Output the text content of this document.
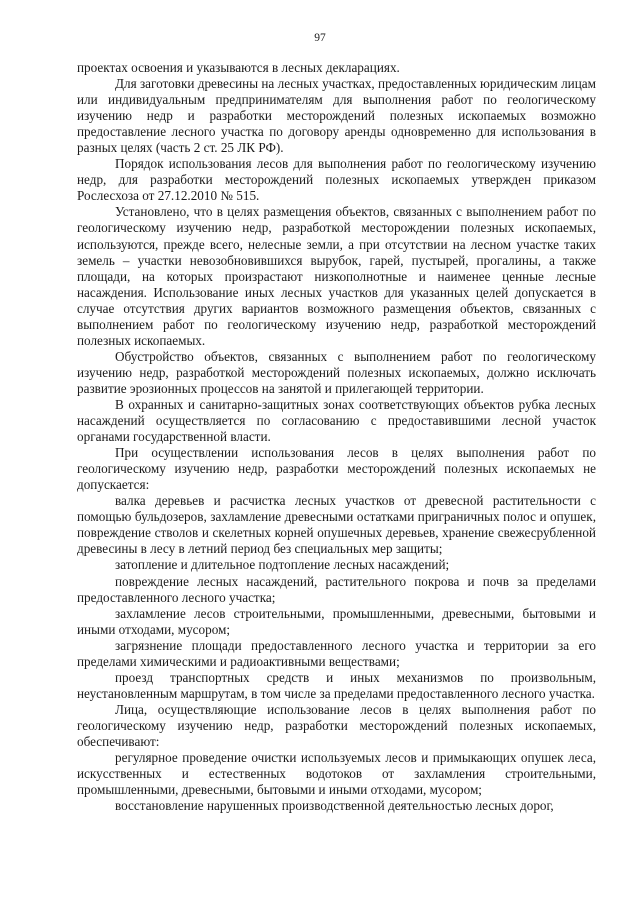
97

проектах освоения и указываются в лесных декларациях.

Для заготовки древесины на лесных участках, предоставленных юридическим лицам или индивидуальным предпринимателям для выполнения работ по геологическому изучению недр и разработки месторождений полезных ископаемых возможно предоставление лесного участка по договору аренды одновременно для использования в разных целях (часть 2 ст. 25 ЛК РФ).

Порядок использования лесов для выполнения работ по геологическому изучению недр, для разработки месторождений полезных ископаемых утвержден приказом Рослесхоза от 27.12.2010 № 515.

Установлено, что в целях размещения объектов, связанных с выполнением работ по геологическому изучению недр, разработкой месторождении полезных ископаемых, используются, прежде всего, нелесные земли, а при отсутствии на лесном участке таких земель – участки невозобновившихся вырубок, гарей, пустырей, прогалины, а также площади, на которых произрастают низкополнотные и наименее ценные лесные насаждения. Использование иных лесных участков для указанных целей допускается в случае отсутствия других вариантов возможного размещения объектов, связанных с выполнением работ по геологическому изучению недр, разработкой месторождений полезных ископаемых.

Обустройство объектов, связанных с выполнением работ по геологическому изучению недр, разработкой месторождений полезных ископаемых, должно исключать развитие эрозионных процессов на занятой и прилегающей территории.

В охранных и санитарно-защитных зонах соответствующих объектов рубка лесных насаждений осуществляется по согласованию с предоставившими лесной участок органами государственной власти.

При осуществлении использования лесов в целях выполнения работ по геологическому изучению недр, разработки месторождений полезных ископаемых не допускается:

валка деревьев и расчистка лесных участков от древесной растительности с помощью бульдозеров, захламление древесными остатками приграничных полос и опушек, повреждение стволов и скелетных корней опушечных деревьев, хранение свежесрубленной древесины в лесу в летний период без специальных мер защиты;

затопление и длительное подтопление лесных насаждений;

повреждение лесных насаждений, растительного покрова и почв за пределами предоставленного лесного участка;

захламление лесов строительными, промышленными, древесными, бытовыми и иными отходами, мусором;

загрязнение площади предоставленного лесного участка и территории за его пределами химическими и радиоактивными веществами;

проезд транспортных средств и иных механизмов по произвольным, неустановленным маршрутам, в том числе за пределами предоставленного лесного участка.

Лица, осуществляющие использование лесов в целях выполнения работ по геологическому изучению недр, разработки месторождений полезных ископаемых, обеспечивают:

регулярное проведение очистки используемых лесов и примыкающих опушек леса, искусственных и естественных водотоков от захламления строительными, промышленными, древесными, бытовыми и иными отходами, мусором;

восстановление нарушенных производственной деятельностью лесных дорог,
